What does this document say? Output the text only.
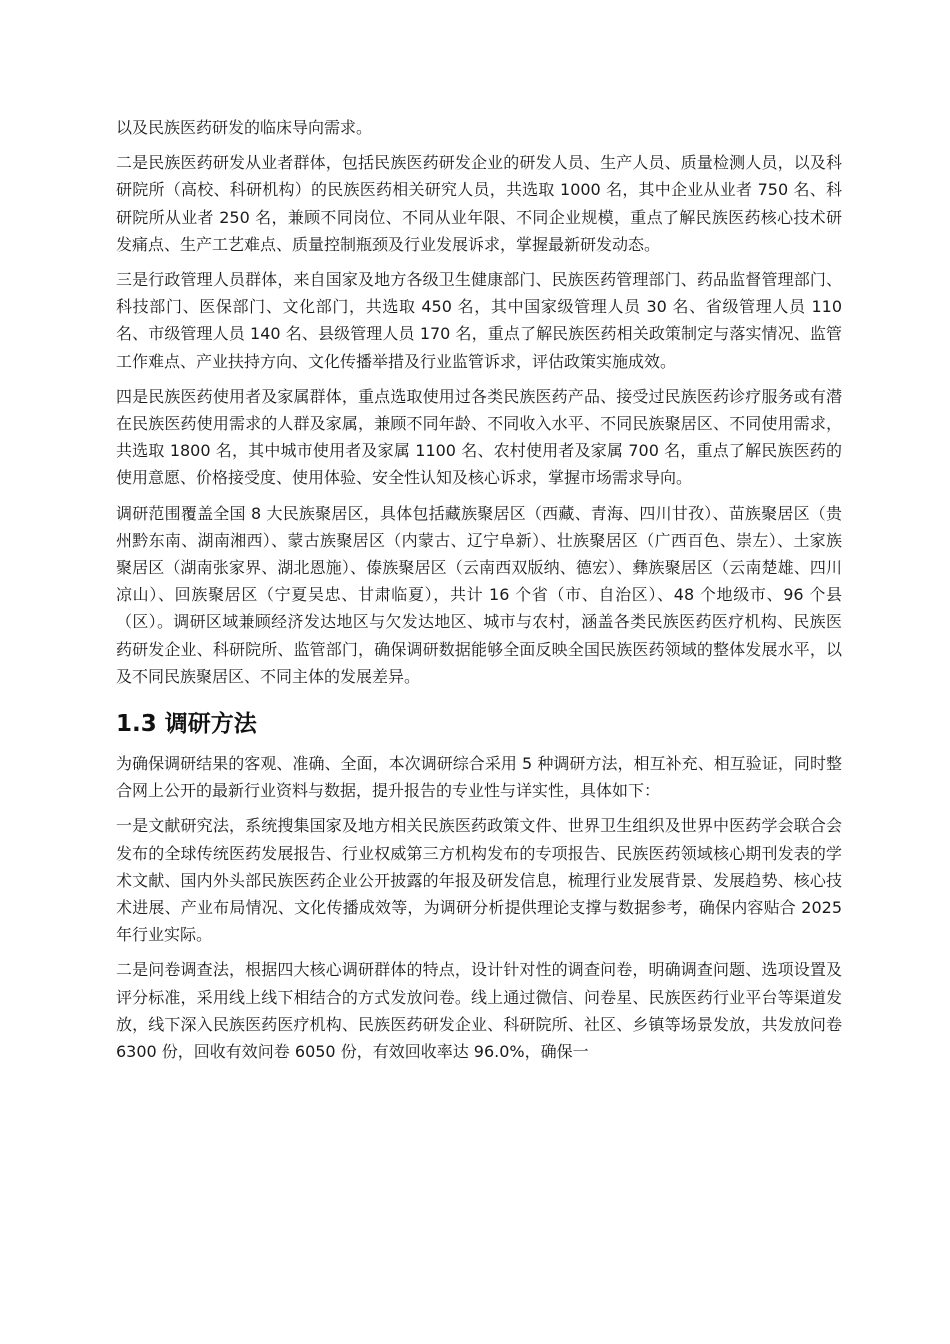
以及民族医药研发的临床导向需求。

二是民族医药研发从业者群体，包括民族医药研发企业的研发人员、生产人员、质量检测人员，以及科研院所（高校、科研机构）的民族医药相关研究人员，共选取 1000 名，其中企业从业者 750 名、科研院所从业者 250 名，兼顾不同岗位、不同从业年限、不同企业规模，重点了解民族医药核心技术研发痛点、生产工艺难点、质量控制瓶颈及行业发展诉求，掌握最新研发动态。

三是行政管理人员群体，来自国家及地方各级卫生健康部门、民族医药管理部门、药品监督管理部门、科技部门、医保部门、文化部门，共选取 450 名，其中国家级管理人员 30 名、省级管理人员 110 名、市级管理人员 140 名、县级管理人员 170 名，重点了解民族医药相关政策制定与落实情况、监管工作难点、产业扶持方向、文化传播举措及行业监管诉求，评估政策实施成效。

四是民族医药使用者及家属群体，重点选取使用过各类民族医药产品、接受过民族医药诊疗服务或有潜在民族医药使用需求的人群及家属，兼顾不同年龄、不同收入水平、不同民族聚居区、不同使用需求，共选取 1800 名，其中城市使用者及家属 1100 名、农村使用者及家属 700 名，重点了解民族医药的使用意愿、价格接受度、使用体验、安全性认知及核心诉求，掌握市场需求导向。

调研范围覆盖全国 8 大民族聚居区，具体包括藏族聚居区（西藏、青海、四川甘孜）、苗族聚居区（贵州黔东南、湖南湘西）、蒙古族聚居区（内蒙古、辽宁阜新）、壮族聚居区（广西百色、崇左）、土家族聚居区（湖南张家界、湖北恩施）、傣族聚居区（云南西双版纳、德宏）、彝族聚居区（云南楚雄、四川凉山）、回族聚居区（宁夏吴忠、甘肃临夏），共计 16 个省（市、自治区）、48 个地级市、96 个县（区）。调研区域兼顾经济发达地区与欠发达地区、城市与农村，涵盖各类民族医药医疗机构、民族医药研发企业、科研院所、监管部门，确保调研数据能够全面反映全国民族医药领域的整体发展水平，以及不同民族聚居区、不同主体的发展差异。

1.3 调研方法

为确保调研结果的客观、准确、全面，本次调研综合采用 5 种调研方法，相互补充、相互验证，同时整合网上公开的最新行业资料与数据，提升报告的专业性与详实性，具体如下：

一是文献研究法，系统搜集国家及地方相关民族医药政策文件、世界卫生组织及世界中医药学会联合会发布的全球传统医药发展报告、行业权威第三方机构发布的专项报告、民族医药领域核心期刊发表的学术文献、国内外头部民族医药企业公开披露的年报及研发信息，梳理行业发展背景、发展趋势、核心技术进展、产业布局情况、文化传播成效等，为调研分析提供理论支撑与数据参考，确保内容贴合 2025 年行业实际。

二是问卷调查法，根据四大核心调研群体的特点，设计针对性的调查问卷，明确调查问题、选项设置及评分标准，采用线上线下相结合的方式发放问卷。线上通过微信、问卷星、民族医药行业平台等渠道发放，线下深入民族医药医疗机构、民族医药研发企业、科研院所、社区、乡镇等场景发放，共发放问卷 6300 份，回收有效问卷 6050 份，有效回收率达 96.0%，确保一
